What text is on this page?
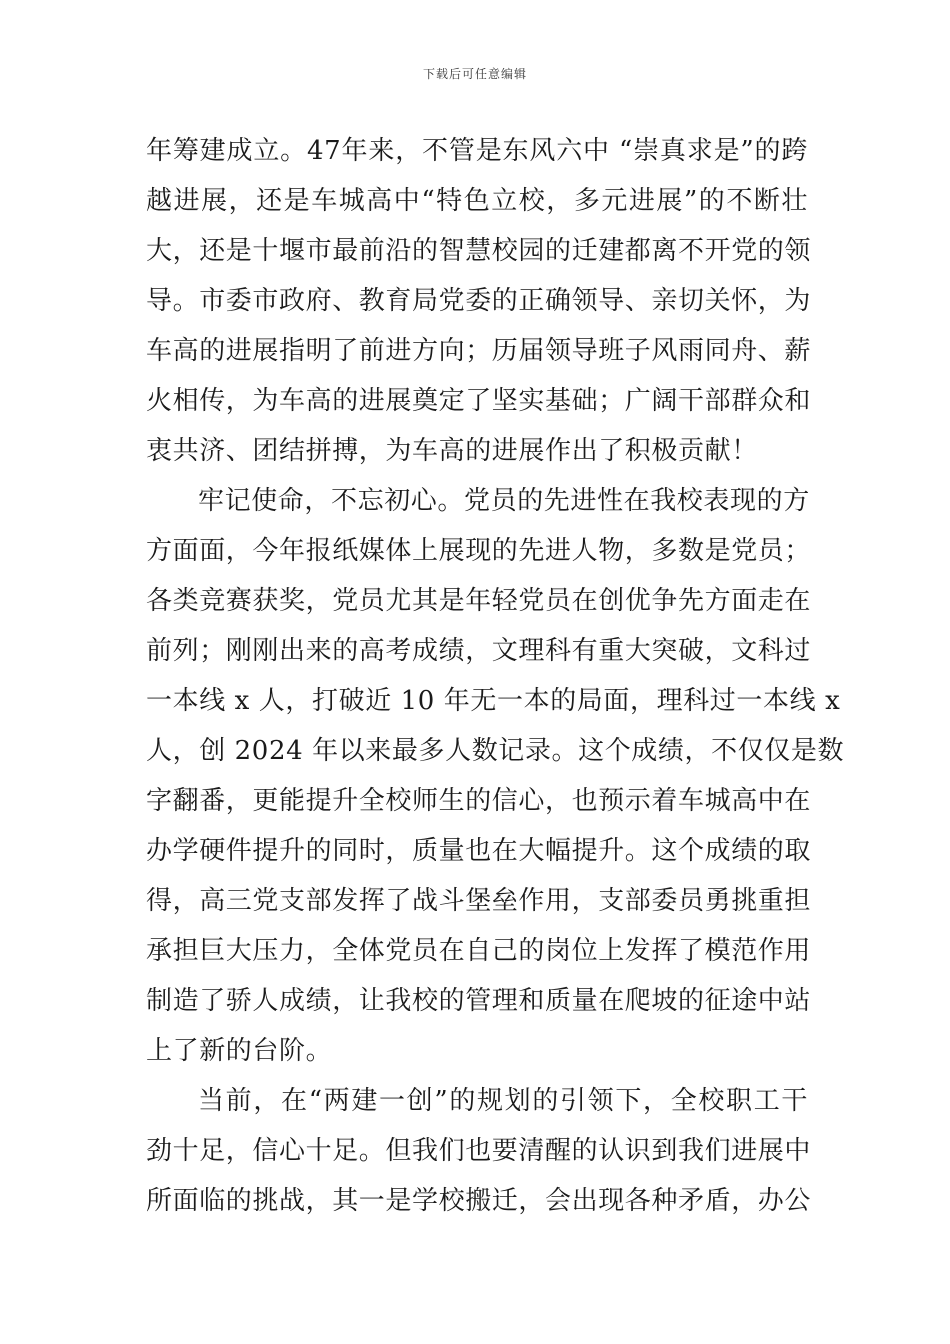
下载后可任意编辑
年筹建成立。47年来，不管是东风六中 “崇真求是”的跨
越进展，还是车城高中“特色立校，多元进展”的不断壮
大，还是十堰市最前沿的智慧校园的迁建都离不开党的领
导。市委市政府、教育局党委的正确领导、亲切关怀，为
车高的进展指明了前进方向；历届领导班子风雨同舟、薪
火相传，为车高的进展奠定了坚实基础；广阔干部群众和
衷共济、团结拼搏，为车高的进展作出了积极贡献！
牢记使命，不忘初心。党员的先进性在我校表现的方
方面面，今年报纸媒体上展现的先进人物，多数是党员；
各类竞赛获奖，党员尤其是年轻党员在创优争先方面走在
前列；刚刚出来的高考成绩，文理科有重大突破，文科过
一本线 x 人，打破近 10 年无一本的局面，理科过一本线 x
人，创 2024 年以来最多人数记录。这个成绩，不仅仅是数
字翻番，更能提升全校师生的信心，也预示着车城高中在
办学硬件提升的同时，质量也在大幅提升。这个成绩的取
得，高三党支部发挥了战斗堡垒作用，支部委员勇挑重担
承担巨大压力，全体党员在自己的岗位上发挥了模范作用
制造了骄人成绩，让我校的管理和质量在爬坡的征途中站
上了新的台阶。
当前，在“两建一创”的规划的引领下，全校职工干
劲十足，信心十足。但我们也要清醒的认识到我们进展中
所面临的挑战，其一是学校搬迁，会出现各种矛盾，办公
